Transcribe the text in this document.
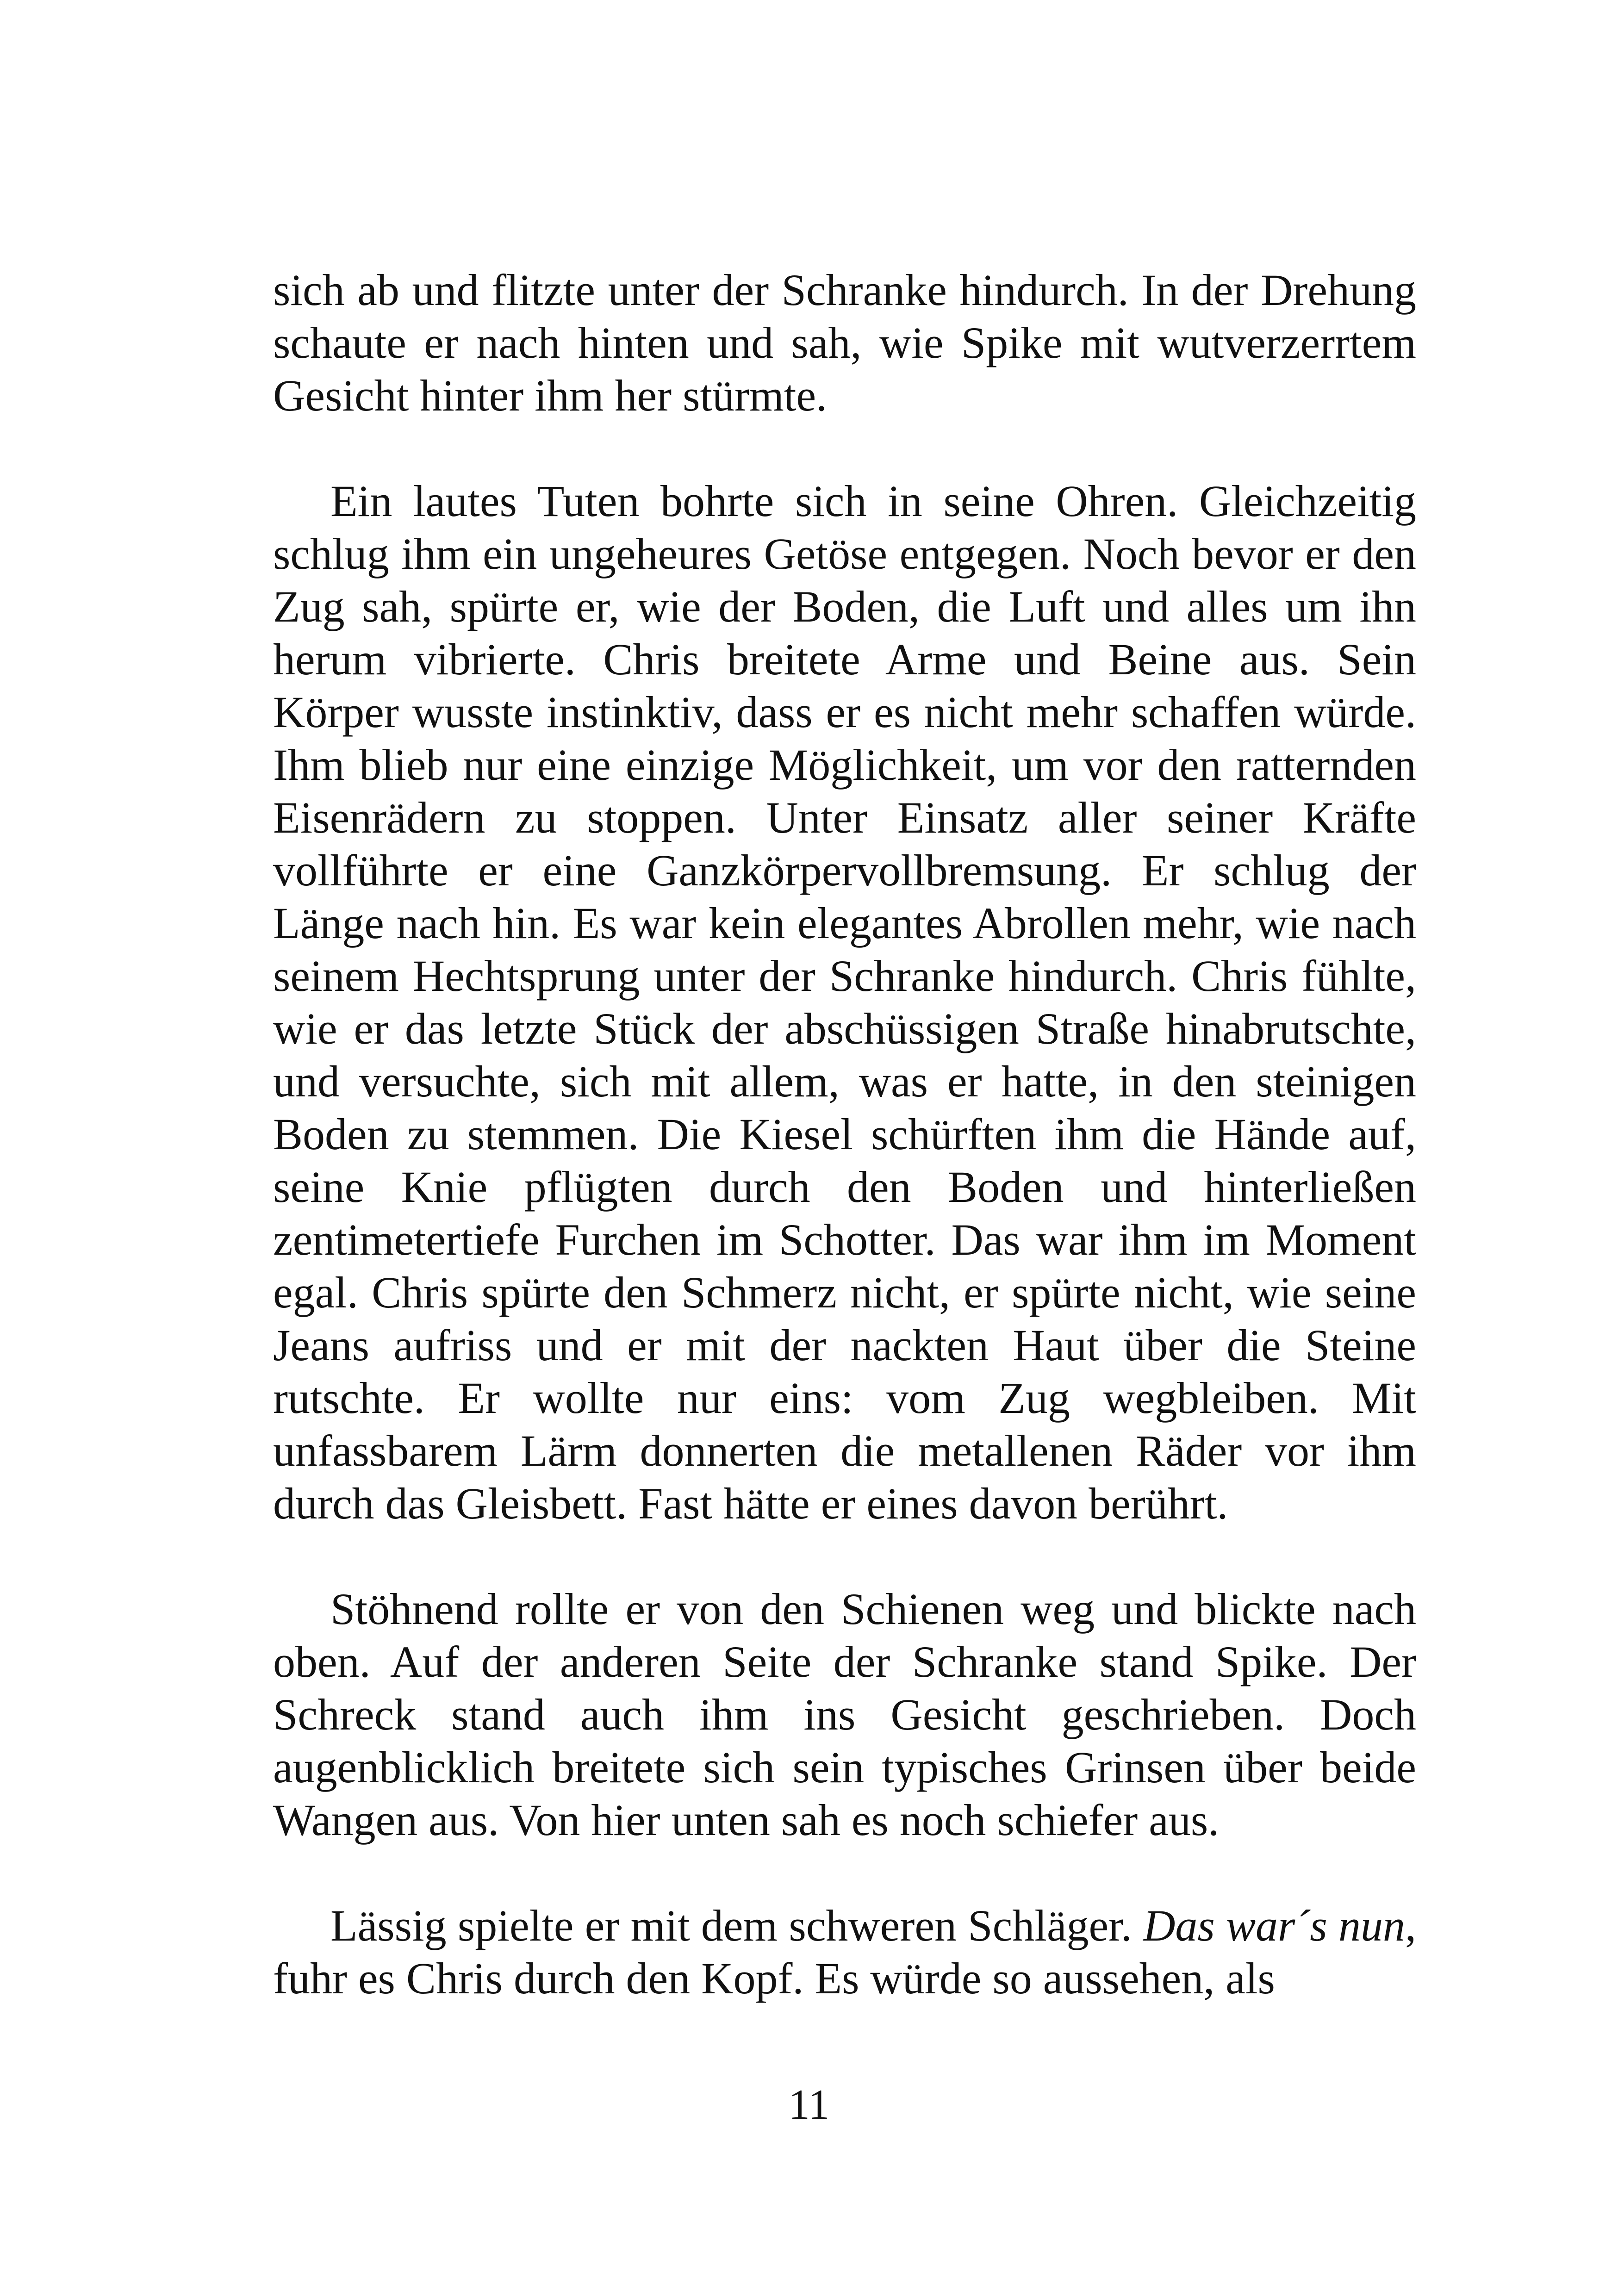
sich ab und flitzte unter der Schranke hindurch. In der Drehung schaute er nach hinten und sah, wie Spike mit wutverzerrtem Gesicht hinter ihm her stürmte.

Ein lautes Tuten bohrte sich in seine Ohren. Gleichzeitig schlug ihm ein ungeheures Getöse entgegen. Noch bevor er den Zug sah, spürte er, wie der Boden, die Luft und alles um ihn herum vibrierte. Chris breitete Arme und Beine aus. Sein Körper wusste instinktiv, dass er es nicht mehr schaffen würde. Ihm blieb nur eine einzige Möglichkeit, um vor den ratternden Eisenrädern zu stoppen. Unter Einsatz aller seiner Kräfte vollführte er eine Ganzkörpervollbremsung. Er schlug der Länge nach hin. Es war kein elegantes Abrollen mehr, wie nach seinem Hechtsprung unter der Schranke hindurch. Chris fühlte, wie er das letzte Stück der abschüssigen Straße hinabrutschte, und versuchte, sich mit allem, was er hatte, in den steinigen Boden zu stemmen. Die Kiesel schürften ihm die Hände auf, seine Knie pflügten durch den Boden und hinterließen zentimetertiefe Furchen im Schotter. Das war ihm im Moment egal. Chris spürte den Schmerz nicht, er spürte nicht, wie seine Jeans aufriss und er mit der nackten Haut über die Steine rutschte. Er wollte nur eins: vom Zug wegbleiben. Mit unfassbarem Lärm donnerten die metallenen Räder vor ihm durch das Gleisbett. Fast hätte er eines davon berührt.

Stöhnend rollte er von den Schienen weg und blickte nach oben. Auf der anderen Seite der Schranke stand Spike. Der Schreck stand auch ihm ins Gesicht geschrieben. Doch augenblicklich breitete sich sein typisches Grinsen über beide Wangen aus. Von hier unten sah es noch schiefer aus.

Lässig spielte er mit dem schweren Schläger. Das war´s nun, fuhr es Chris durch den Kopf. Es würde so aussehen, als

11
